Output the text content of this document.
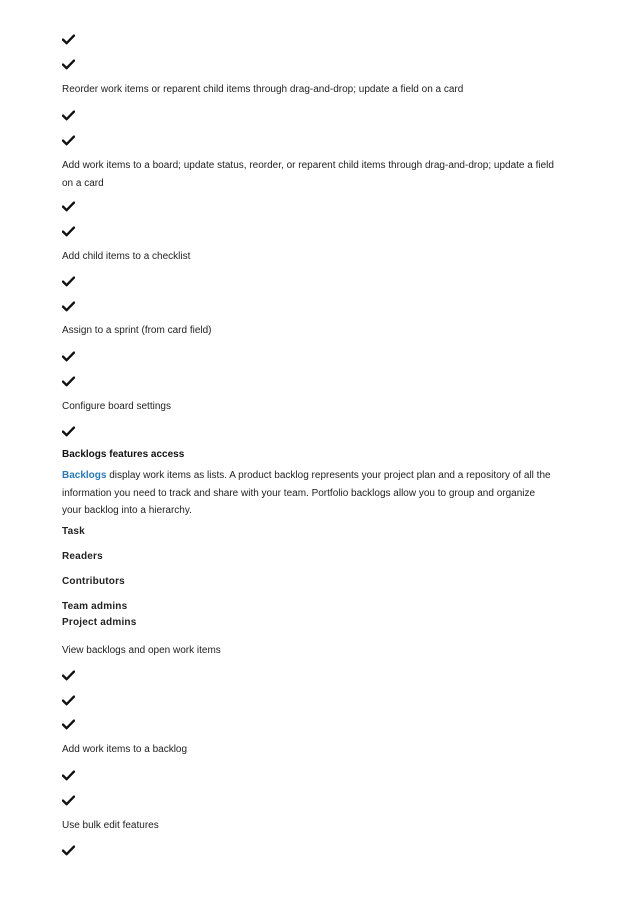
Reorder work items or reparent child items through drag-and-drop; update a field on a card
Add work items to a board; update status, reorder, or reparent child items through drag-and-drop; update a field on a card
Add child items to a checklist
Assign to a sprint (from card field)
Configure board settings
Backlogs features access
Backlogs display work items as lists. A product backlog represents your project plan and a repository of all the information you need to track and share with your team. Portfolio backlogs allow you to group and organize your backlog into a hierarchy.
Task
Readers
Contributors
Team admins
Project admins
View backlogs and open work items
Add work items to a backlog
Use bulk edit features
